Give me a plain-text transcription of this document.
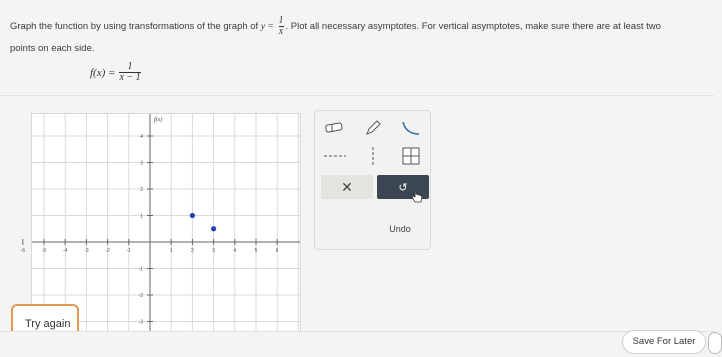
Graph the function by using transformations of the graph of $y = \frac{1}{x}$ . Plot all necessary asymptotes. For vertical asymptotes, make sure there are at least two
points on each side.
$f(x) = \frac{1}{x - 1}$
-6	-5	-4	-3	-2	-1	1	2	3	4	5	6
4
3
2
1
-1
-2
-3
f(x)
✕	↺
Undo
Try again
Save For Later
